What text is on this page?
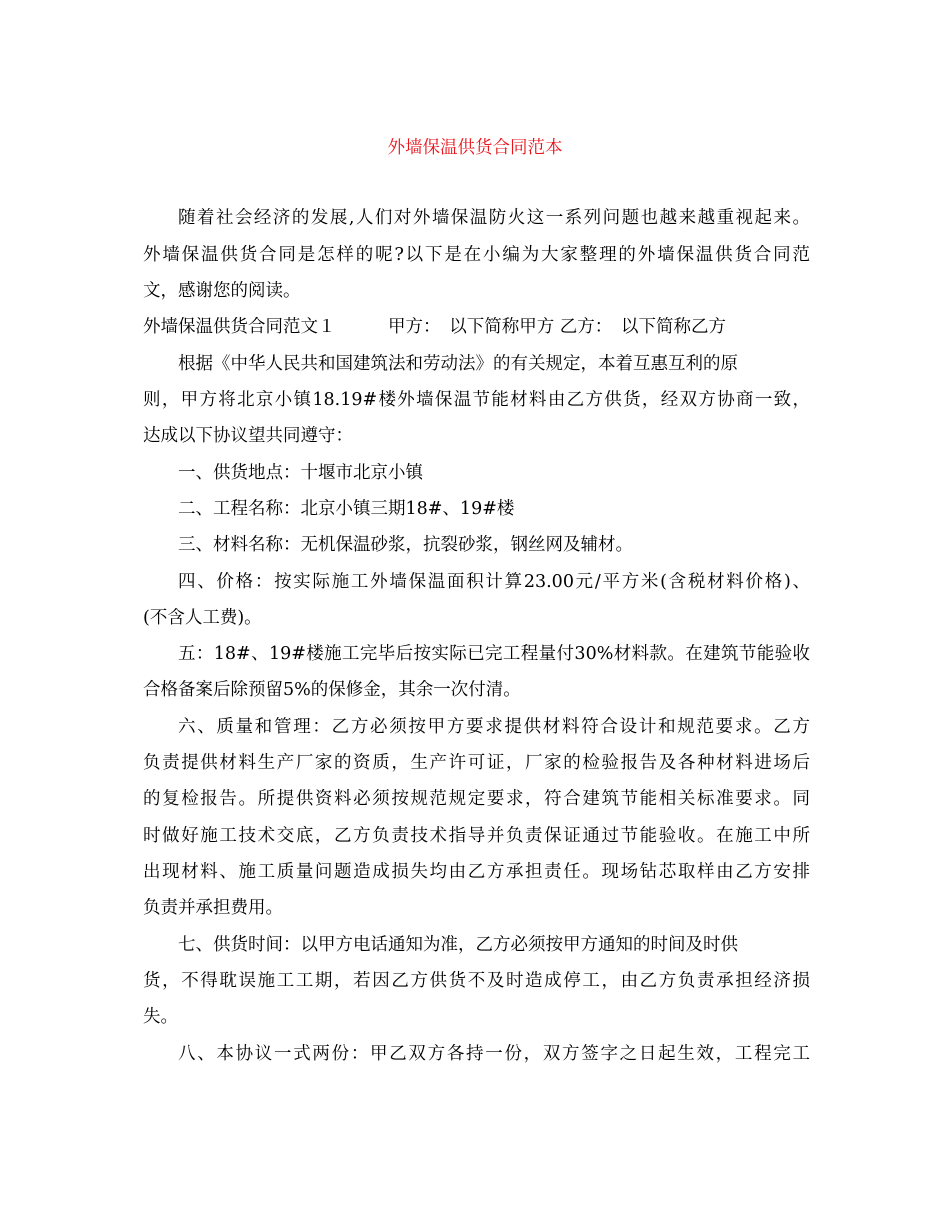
外墙保温供货合同范本
随着社会经济的发展,人们对外墙保温防火这一系列问题也越来越重视起来。
外墙保温供货合同是怎样的呢?以下是在小编为大家整理的外墙保温供货合同范
文，感谢您的阅读。
外墙保温供货合同范文１　　　甲方：　以下简称甲方 乙方：　以下简称乙方
根据《中华人民共和国建筑法和劳动法》的有关规定，本着互惠互利的原
则，甲方将北京小镇18.19#楼外墙保温节能材料由乙方供货，经双方协商一致，
达成以下协议望共同遵守：
一、供货地点：十堰市北京小镇
二、工程名称：北京小镇三期18#、19#楼
三、材料名称：无机保温砂浆，抗裂砂浆，钢丝网及辅材。
四、价格：按实际施工外墙保温面积计算23.00元/平方米(含税材料价格)、
(不含人工费)。
五：18#、19#楼施工完毕后按实际已完工程量付30%材料款。在建筑节能验收
合格备案后除预留5%的保修金，其余一次付清。
六、质量和管理：乙方必须按甲方要求提供材料符合设计和规范要求。乙方
负责提供材料生产厂家的资质，生产许可证，厂家的检验报告及各种材料进场后
的复检报告。所提供资料必须按规范规定要求，符合建筑节能相关标准要求。同
时做好施工技术交底，乙方负责技术指导并负责保证通过节能验收。在施工中所
出现材料、施工质量问题造成损失均由乙方承担责任。现场钻芯取样由乙方安排
负责并承担费用。
七、供货时间：以甲方电话通知为准，乙方必须按甲方通知的时间及时供
货，不得耽误施工工期，若因乙方供货不及时造成停工，由乙方负责承担经济损
失。
八、本协议一式两份：甲乙双方各持一份，双方签字之日起生效，工程完工
